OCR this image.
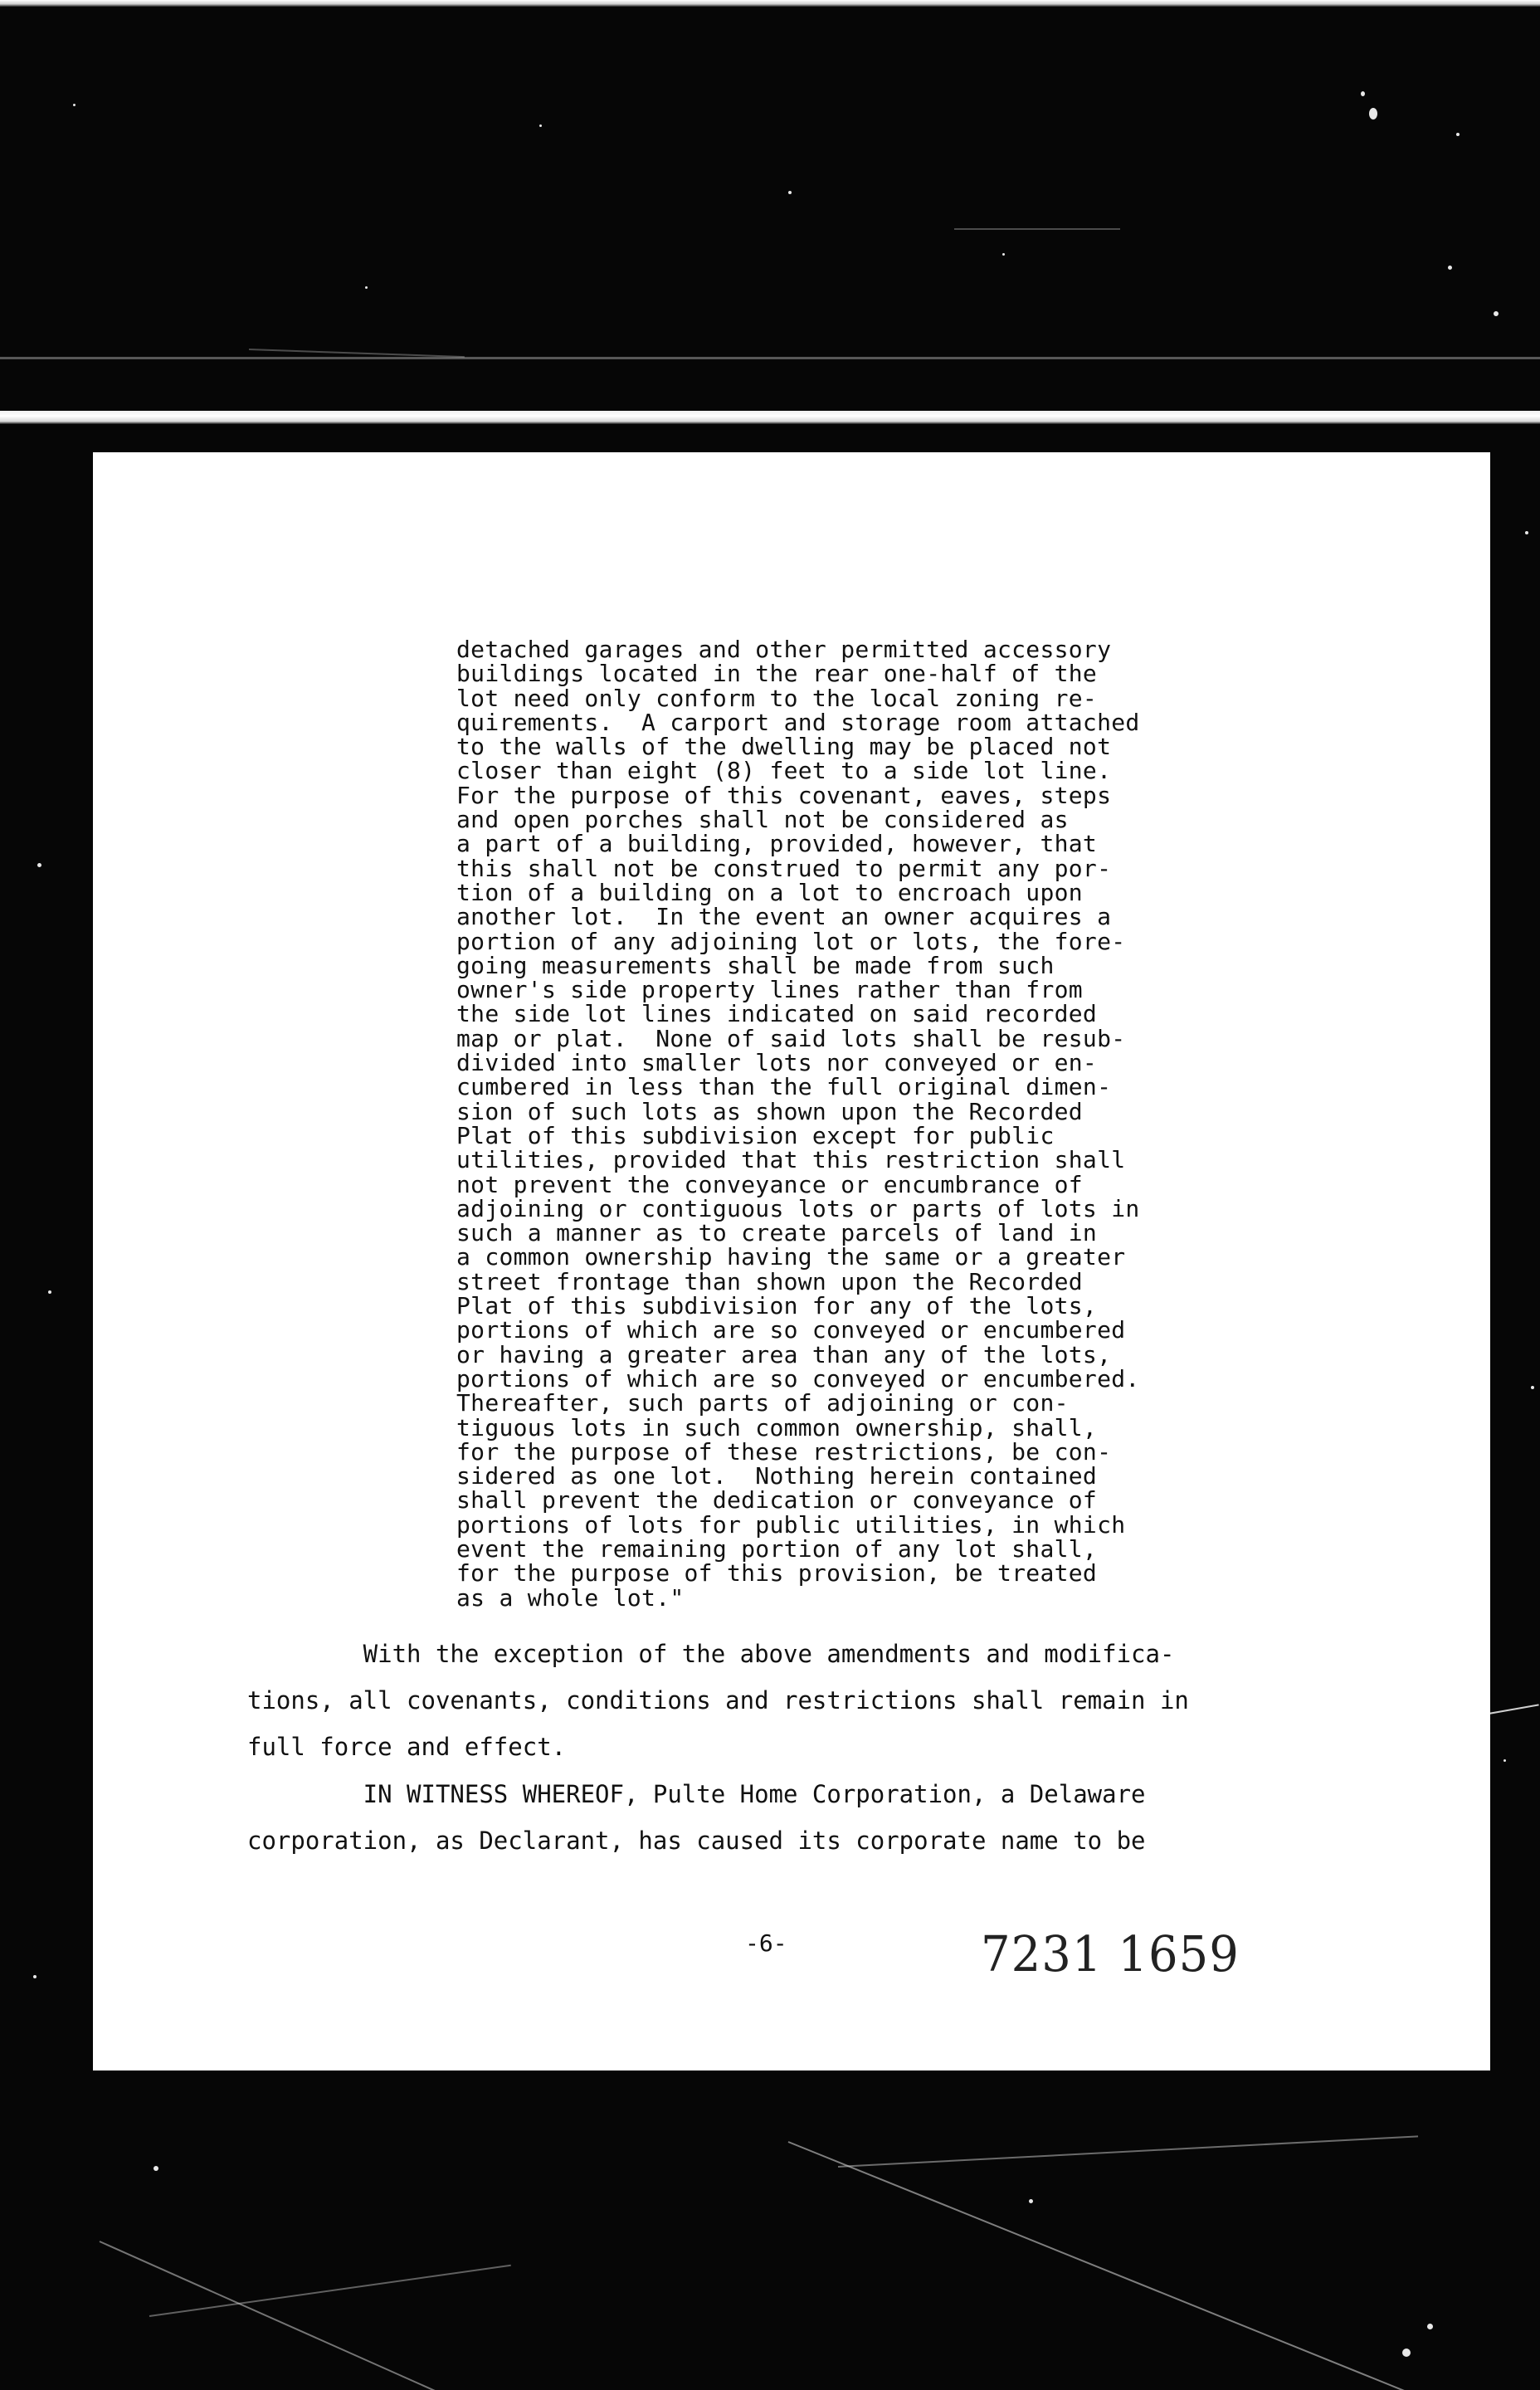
detached garages and other permitted accessory
buildings located in the rear one-half of the
lot need only conform to the local zoning re-
quirements.  A carport and storage room attached
to the walls of the dwelling may be placed not
closer than eight (8) feet to a side lot line.
For the purpose of this covenant, eaves, steps
and open porches shall not be considered as
a part of a building, provided, however, that
this shall not be construed to permit any por-
tion of a building on a lot to encroach upon
another lot.  In the event an owner acquires a
portion of any adjoining lot or lots, the fore-
going measurements shall be made from such
owner's side property lines rather than from
the side lot lines indicated on said recorded
map or plat.  None of said lots shall be resub-
divided into smaller lots nor conveyed or en-
cumbered in less than the full original dimen-
sion of such lots as shown upon the Recorded
Plat of this subdivision except for public
utilities, provided that this restriction shall
not prevent the conveyance or encumbrance of
adjoining or contiguous lots or parts of lots in
such a manner as to create parcels of land in
a common ownership having the same or a greater
street frontage than shown upon the Recorded
Plat of this subdivision for any of the lots,
portions of which are so conveyed or encumbered
or having a greater area than any of the lots,
portions of which are so conveyed or encumbered.
Thereafter, such parts of adjoining or con-
tiguous lots in such common ownership, shall,
for the purpose of these restrictions, be con-
sidered as one lot.  Nothing herein contained
shall prevent the dedication or conveyance of
portions of lots for public utilities, in which
event the remaining portion of any lot shall,
for the purpose of this provision, be treated
as a whole lot."
With the exception of the above amendments and modifica-
tions, all covenants, conditions and restrictions shall remain in
full force and effect.
IN WITNESS WHEREOF, Pulte Home Corporation, a Delaware
corporation, as Declarant, has caused its corporate name to be
-6-	7231 1659
